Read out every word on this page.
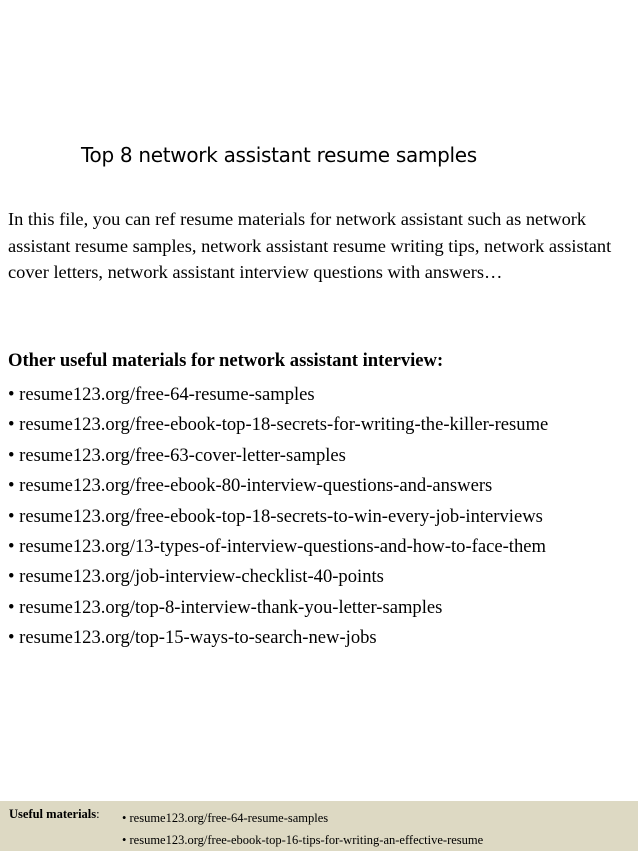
Top 8 network assistant resume samples

In this file, you can ref resume materials for network assistant such as network assistant resume samples, network assistant resume writing tips, network assistant cover letters, network assistant interview questions with answers…

Other useful materials for network assistant interview:
• resume123.org/free-64-resume-samples
• resume123.org/free-ebook-top-18-secrets-for-writing-the-killer-resume
• resume123.org/free-63-cover-letter-samples
• resume123.org/free-ebook-80-interview-questions-and-answers
• resume123.org/free-ebook-top-18-secrets-to-win-every-job-interviews
• resume123.org/13-types-of-interview-questions-and-how-to-face-them
• resume123.org/job-interview-checklist-40-points
• resume123.org/top-8-interview-thank-you-letter-samples
• resume123.org/top-15-ways-to-search-new-jobs
Useful materials: • resume123.org/free-64-resume-samples
• resume123.org/free-ebook-top-16-tips-for-writing-an-effective-resume
